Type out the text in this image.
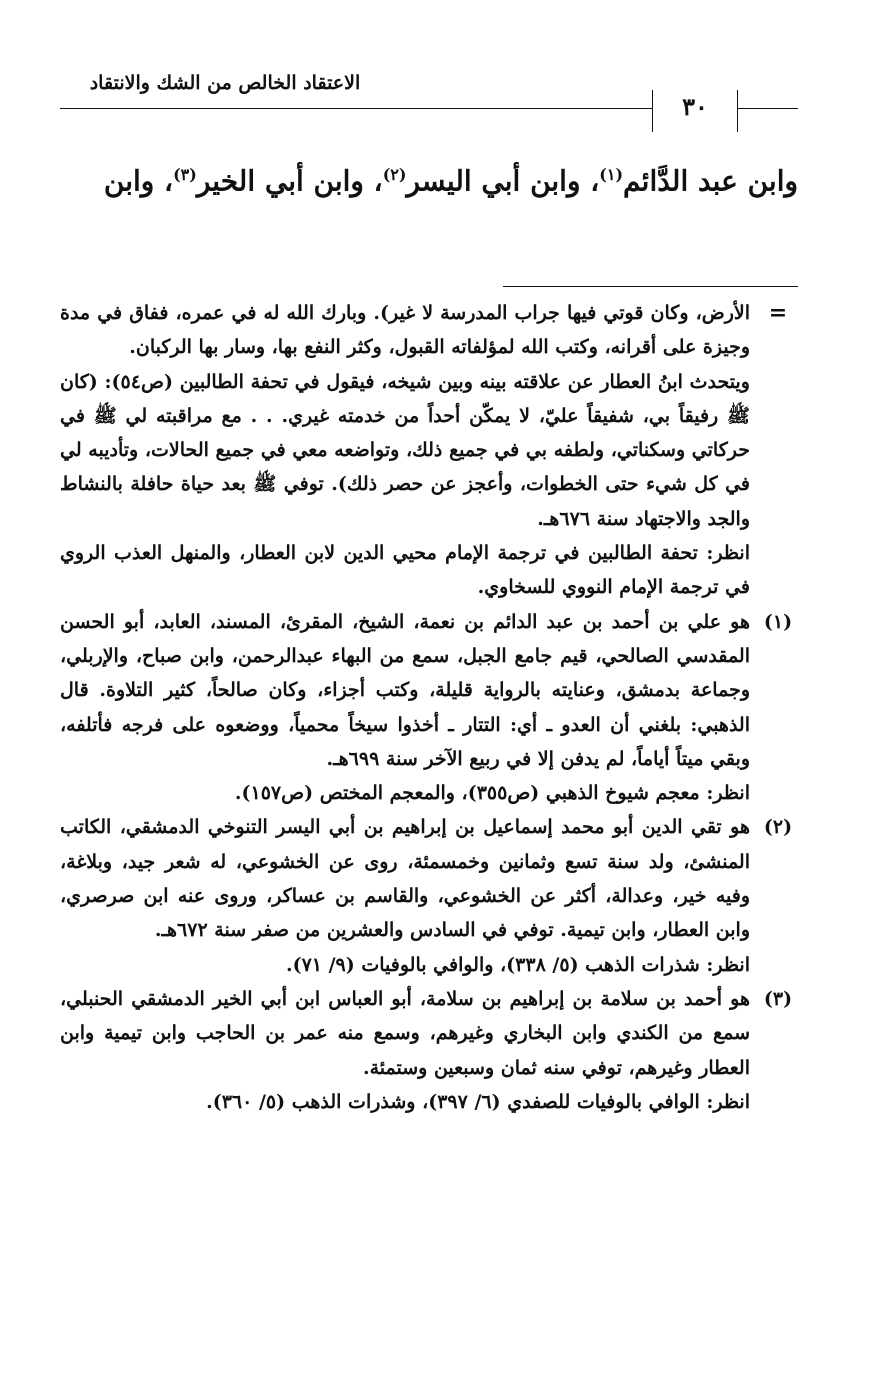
الاعتقاد الخالص من الشك والانتقاد
٣٠
وابن عبد الدَّائم$^{(١)}$، وابن أبي اليسر$^{(٢)}$، وابن أبي الخير$^{(٣)}$، وابن
=

الأرض، وكان قوتي فيها جراب المدرسة لا غير). وبارك الله له في عمره، ففاق في مدة وجيزة على أقرانه، وكتب الله لمؤلفاته القبول، وكثر النفع بها، وسار بها الركبان.

ويتحدث ابنُ العطار عن علاقته بينه وبين شيخه، فيقول في تحفة الطالبين (ص٥٤): (كان ﷺ رفيقاً بي، شفيقاً عليّ، لا يمكّن أحداً من خدمته غيري. . . مع مراقبته لي ﷺ في حركاتي وسكناتي، ولطفه بي في جميع ذلك، وتواضعه معي في جميع الحالات، وتأديبه لي في كل شيء حتى الخطوات، وأعجز عن حصر ذلك). توفي ﷺ بعد حياة حافلة بالنشاط والجد والاجتهاد سنة ٦٧٦هـ.

انظر: تحفة الطالبين في ترجمة الإمام محيي الدين لابن العطار، والمنهل العذب الروي في ترجمة الإمام النووي للسخاوي.

(١)

هو علي بن أحمد بن عبد الدائم بن نعمة، الشيخ، المقرئ، المسند، العابد، أبو الحسن المقدسي الصالحي، قيم جامع الجبل، سمع من البهاء عبدالرحمن، وابن صباح، والإربلي، وجماعة بدمشق، وعنايته بالرواية قليلة، وكتب أجزاء، وكان صالحاً، كثير التلاوة. قال الذهبي: بلغني أن العدو ـ أي: التتار ـ أخذوا سيخاً محمياً، ووضعوه على فرجه فأتلفه، وبقي ميتاً أياماً، لم يدفن إلا في ربيع الآخر سنة ٦٩٩هـ.

انظر: معجم شيوخ الذهبي (ص٣٥٥)، والمعجم المختص (ص١٥٧).

(٢)

هو تقي الدين أبو محمد إسماعيل بن إبراهيم بن أبي اليسر التنوخي الدمشقي، الكاتب المنشئ، ولد سنة تسع وثمانين وخمسمئة، روى عن الخشوعي، له شعر جيد، وبلاغة، وفيه خير، وعدالة، أكثر عن الخشوعي، والقاسم بن عساكر، وروى عنه ابن صرصري، وابن العطار، وابن تيمية. توفي في السادس والعشرين من صفر سنة ٦٧٢هـ.

انظر: شذرات الذهب (٥/ ٣٣٨)، والوافي بالوفيات (٩/ ٧١).

(٣)

هو أحمد بن سلامة بن إبراهيم بن سلامة، أبو العباس ابن أبي الخير الدمشقي الحنبلي، سمع من الكندي وابن البخاري وغيرهم، وسمع منه عمر بن الحاجب وابن تيمية وابن العطار وغيرهم، توفي سنه ثمان وسبعين وستمئة.

انظر: الوافي بالوفيات للصفدي (٦/ ٣٩٧)، وشذرات الذهب (٥/ ٣٦٠).
